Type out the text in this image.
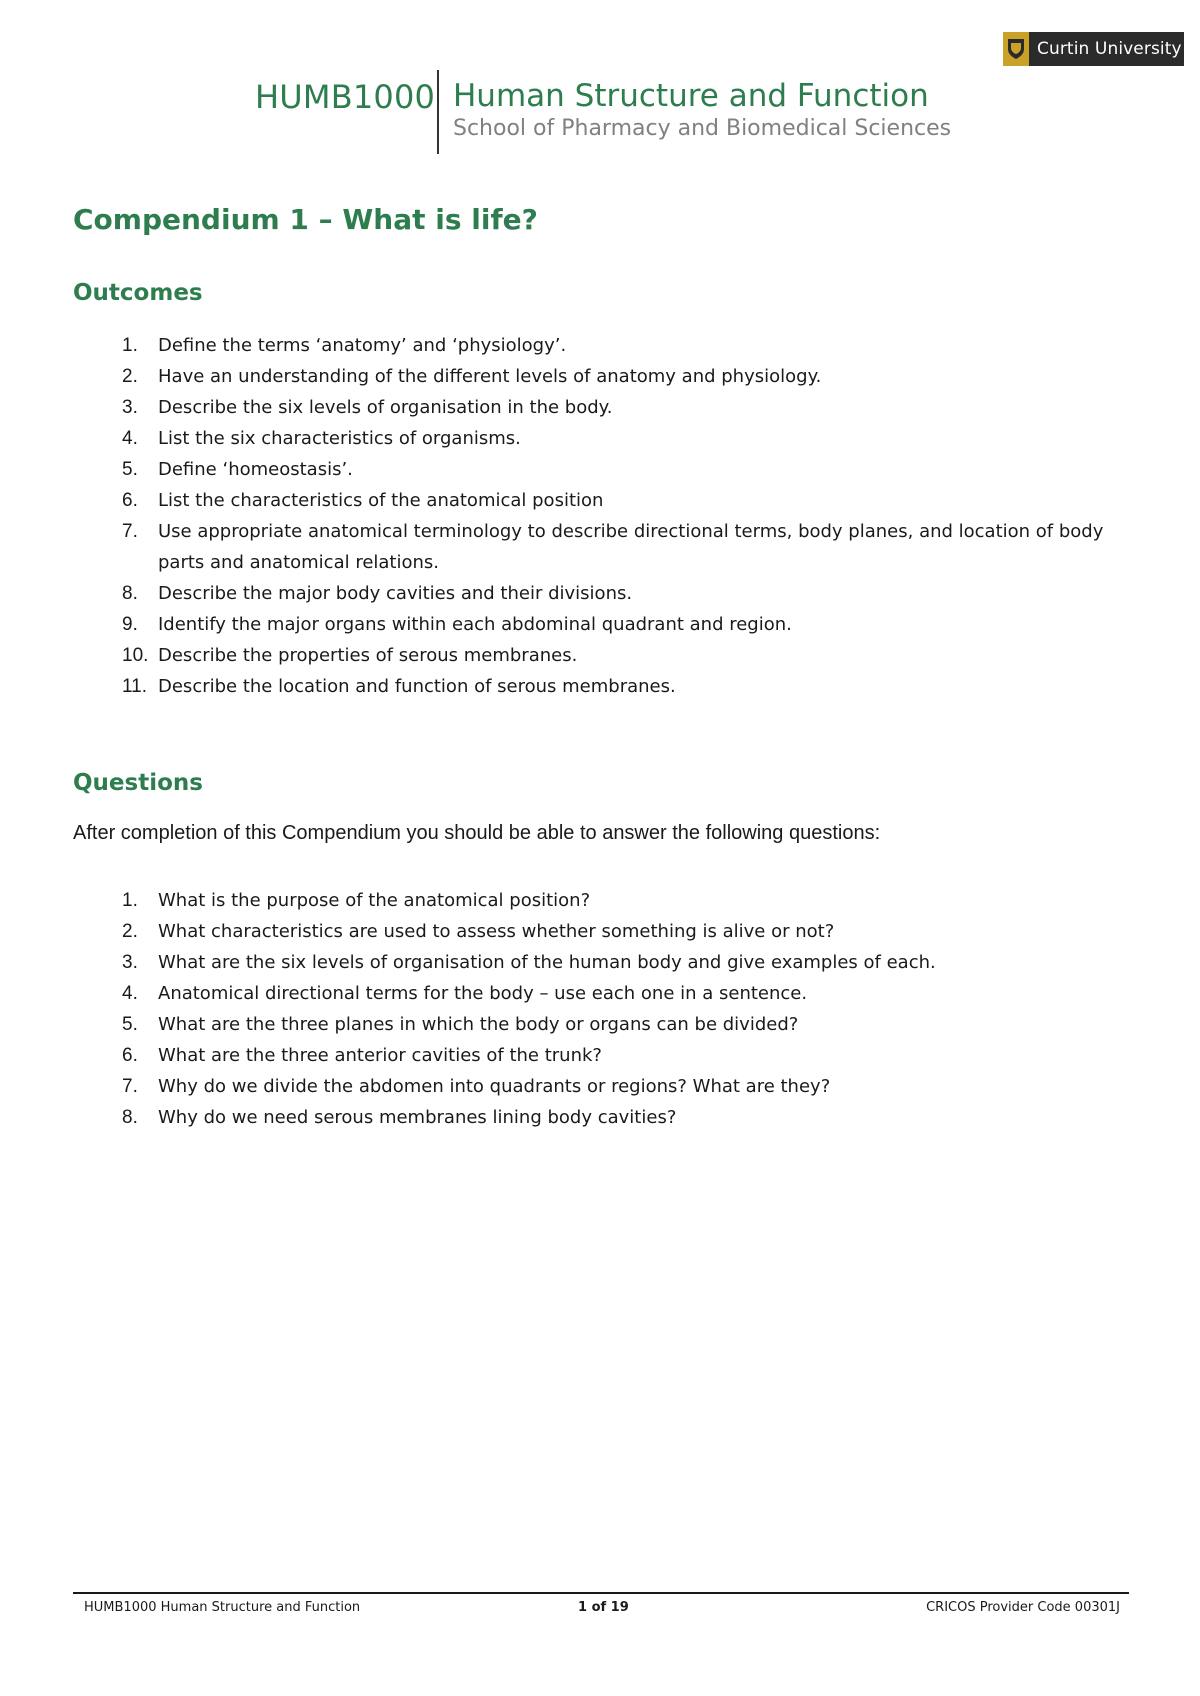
Curtin University
HUMB1000 Human Structure and Function
School of Pharmacy and Biomedical Sciences
Compendium 1 – What is life?
Outcomes
1. Define the terms ‘anatomy’ and ‘physiology’.
2. Have an understanding of the different levels of anatomy and physiology.
3. Describe the six levels of organisation in the body.
4. List the six characteristics of organisms.
5. Define ‘homeostasis’.
6. List the characteristics of the anatomical position
7. Use appropriate anatomical terminology to describe directional terms, body planes, and location of body parts and anatomical relations.
8. Describe the major body cavities and their divisions.
9. Identify the major organs within each abdominal quadrant and region.
10. Describe the properties of serous membranes.
11. Describe the location and function of serous membranes.
Questions

After completion of this Compendium you should be able to answer the following questions:

1. What is the purpose of the anatomical position?
2. What characteristics are used to assess whether something is alive or not?
3. What are the six levels of organisation of the human body and give examples of each.
4. Anatomical directional terms for the body – use each one in a sentence.
5. What are the three planes in which the body or organs can be divided?
6. What are the three anterior cavities of the trunk?
7. Why do we divide the abdomen into quadrants or regions? What are they?
8. Why do we need serous membranes lining body cavities?
HUMB1000 Human Structure and Function	1 of 19	CRICOS Provider Code 00301J
